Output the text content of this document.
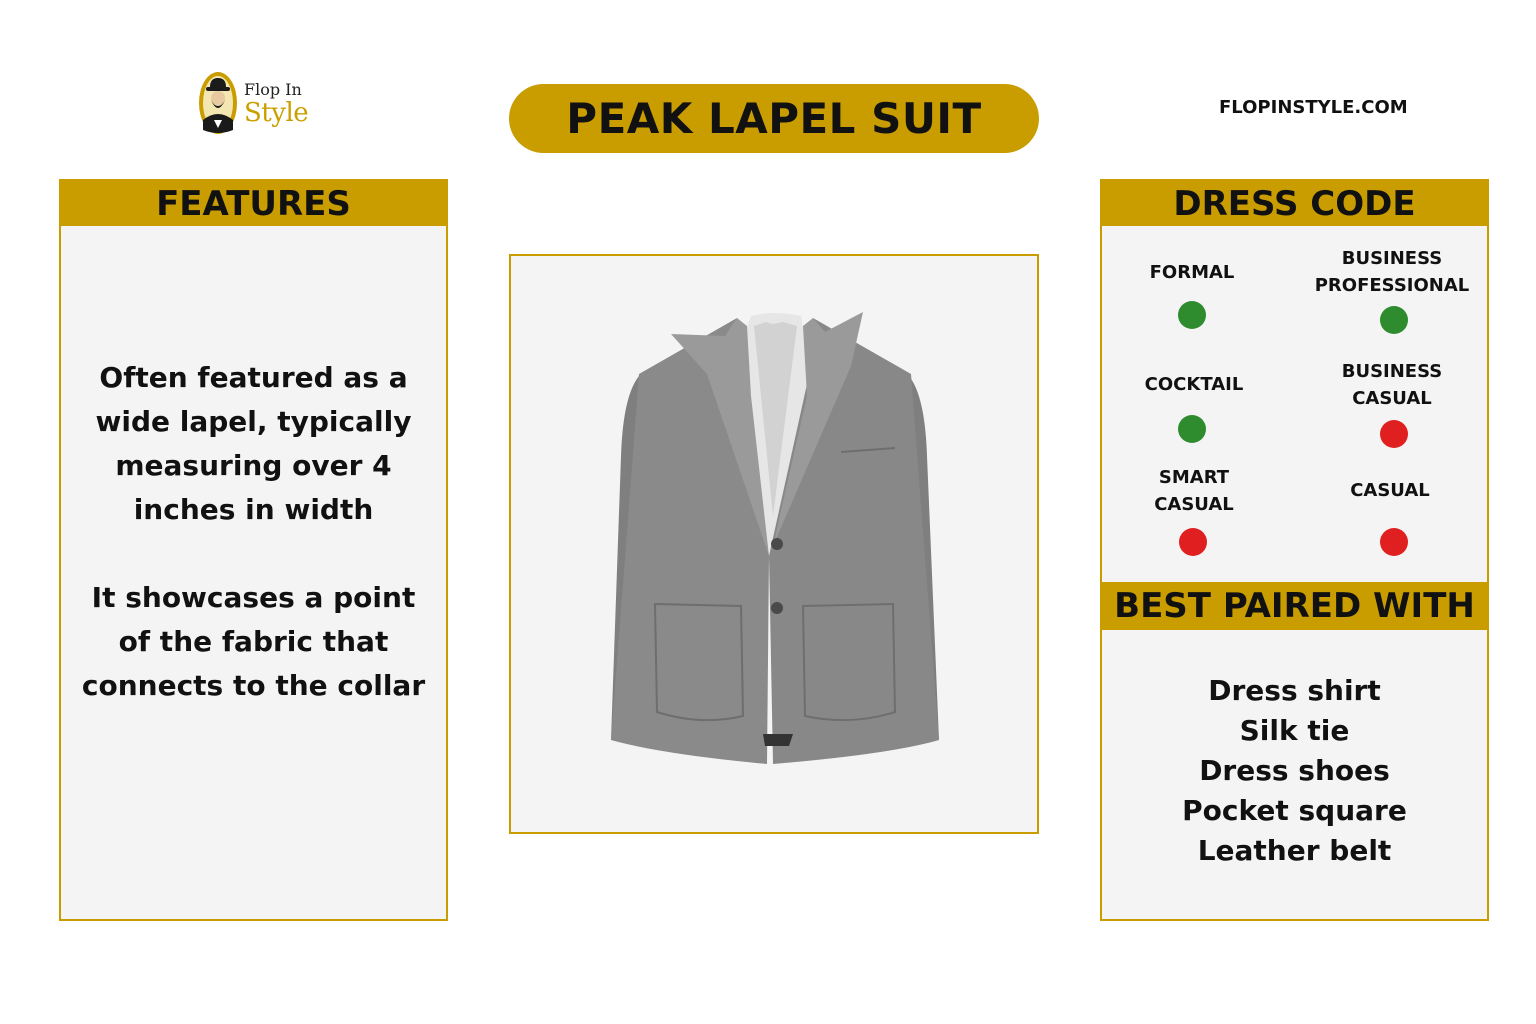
Flop In
Style	PEAK LAPEL SUIT	FLOPINSTYLE.COM
FEATURES

Often featured as a wide lapel, typically measuring over 4 inches in width

It showcases a point of the fabric that connects to the collar

DRESS CODE
FORMAL
BUSINESS
PROFESSIONAL
COCKTAIL
BUSINESS
CASUAL
SMART
CASUAL
CASUAL
BEST PAIRED WITH
Dress shirt
Silk tie
Dress shoes
Pocket square
Leather belt
